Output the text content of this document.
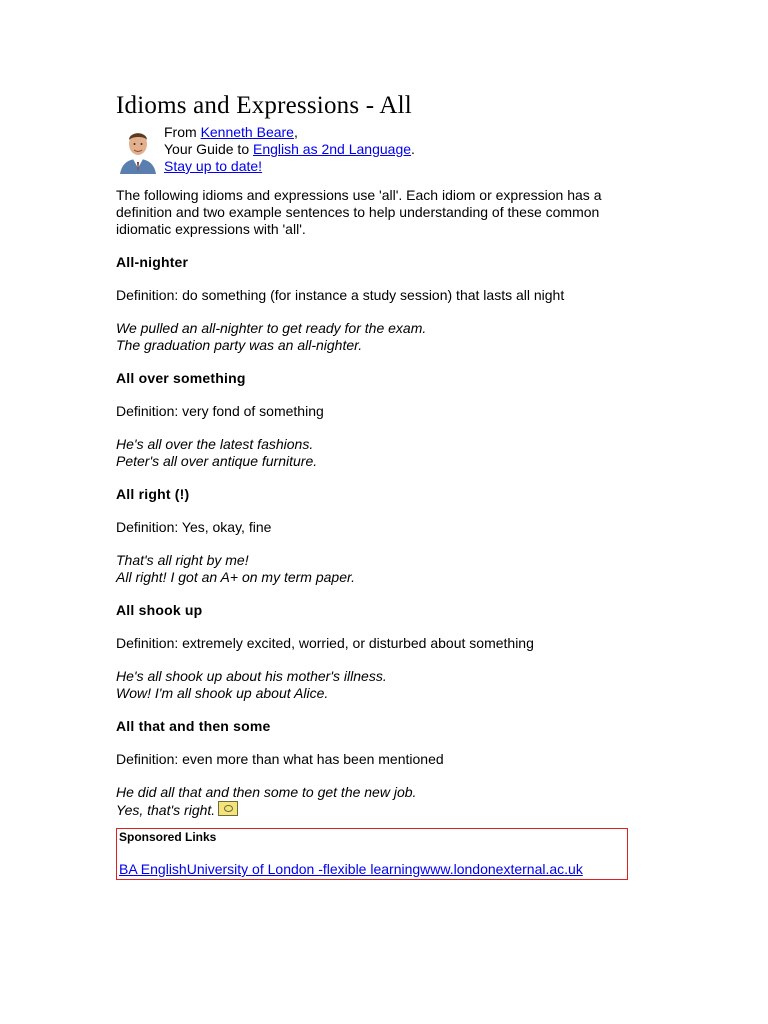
Idioms and Expressions - All
From Kenneth Beare,
Your Guide to English as 2nd Language.
Stay up to date!
The following idioms and expressions use 'all'. Each idiom or expression has a definition and two example sentences to help understanding of these common idiomatic expressions with 'all'.
All-nighter
Definition: do something (for instance a study session) that lasts all night
We pulled an all-nighter to get ready for the exam.
The graduation party was an all-nighter.
All over something
Definition: very fond of something
He's all over the latest fashions.
Peter's all over antique furniture.
All right (!)
Definition: Yes, okay, fine
That's all right by me!
All right! I got an A+ on my term paper.
All shook up
Definition: extremely excited, worried, or disturbed about something
He's all shook up about his mother's illness.
Wow! I'm all shook up about Alice.
All that and then some
Definition: even more than what has been mentioned
He did all that and then some to get the new job.
Yes, that's right.
Sponsored Links
BA EnglishUniversity of London -flexible learningwww.londonexternal.ac.uk
